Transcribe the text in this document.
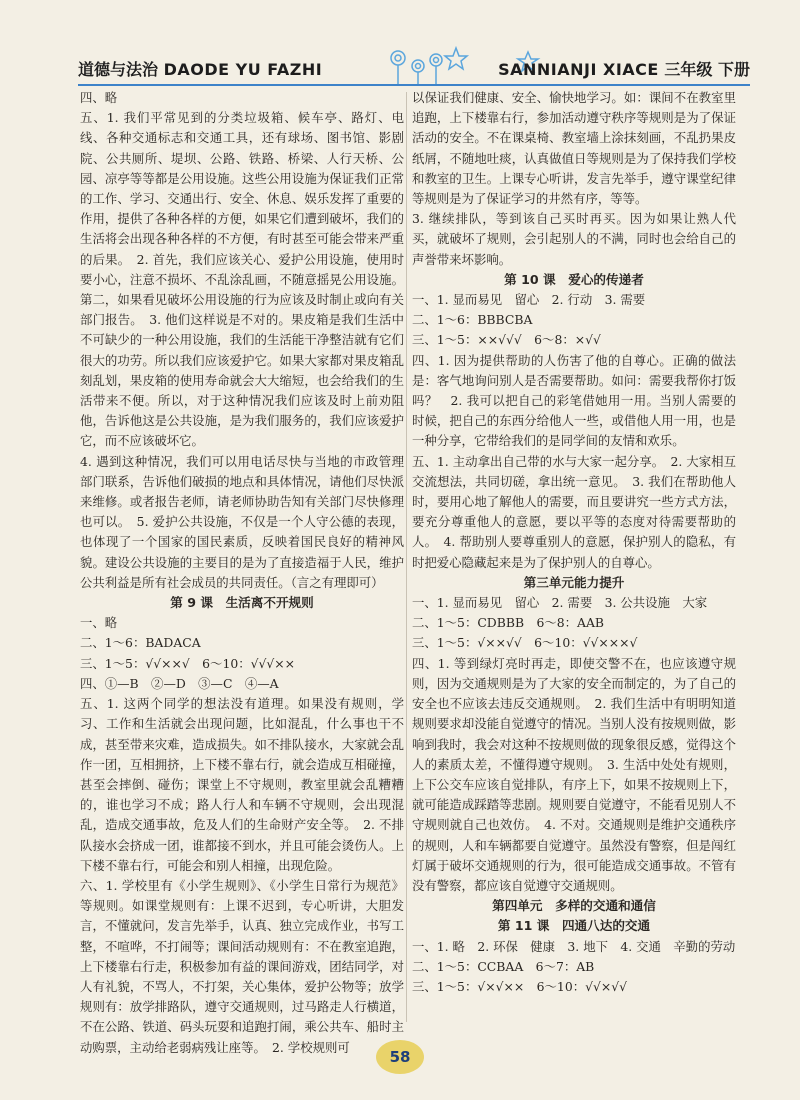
道德与法治 DAODE YU FAZHI	SANNIANJI XIACE 三年级 下册

四、略

五、1. 我们平常见到的分类垃圾箱、候车亭、路灯、电线、各种交通标志和交通工具，还有球场、图书馆、影剧院、公共厕所、堤坝、公路、铁路、桥梁、人行天桥、公园、凉亭等等都是公用设施。这些公用设施为保证我们正常的工作、学习、交通出行、安全、休息、娱乐发挥了重要的作用，提供了各种各样的方便，如果它们遭到破坏，我们的生活将会出现各种各样的不方便，有时甚至可能会带来严重的后果。　2. 首先，我们应该关心、爱护公用设施，使用时要小心，注意不损坏、不乱涂乱画，不随意摇晃公用设施。第二，如果看见破坏公用设施的行为应该及时制止或向有关部门报告。　3. 他们这样说是不对的。果皮箱是我们生活中不可缺少的一种公用设施，我们的生活能干净整洁就有它们很大的功劳。所以我们应该爱护它。如果大家都对果皮箱乱刻乱划，果皮箱的使用寿命就会大大缩短，也会给我们的生活带来不便。所以，对于这种情况我们应该及时上前劝阻他，告诉他这是公共设施，是为我们服务的，我们应该爱护它，而不应该破坏它。

4. 遇到这种情况，我们可以用电话尽快与当地的市政管理部门联系，告诉他们破损的地点和具体情况，请他们尽快派来维修。或者报告老师，请老师协助告知有关部门尽快修理也可以。　5. 爱护公共设施，不仅是一个人守公德的表现，也体现了一个国家的国民素质，反映着国民良好的精神风貌。建设公共设施的主要目的是为了直接造福于人民，维护公共利益是所有社会成员的共同责任。（言之有理即可）

第 9 课　生活离不开规则

一、略

二、1～6：BADACA

三、1～5：√√××√　6～10：√√√××

四、①—B　②—D　③—C　④—A

五、1. 这两个同学的想法没有道理。如果没有规则，学习、工作和生活就会出现问题，比如混乱，什么事也干不成，甚至带来灾难，造成损失。如不排队接水，大家就会乱作一团，互相拥挤，上下楼不靠右行，就会造成互相碰撞，甚至会摔倒、碰伤；课堂上不守规则，教室里就会乱糟糟的，谁也学习不成；路人行人和车辆不守规则，会出现混乱，造成交通事故，危及人们的生命财产安全等。　2. 不排队接水会挤成一团，谁都接不到水，并且可能会烫伤人。上下楼不靠右行，可能会和别人相撞，出现危险。

六、1. 学校里有《小学生规则》、《小学生日常行为规范》等规则。如课堂规则有：上课不迟到，专心听讲，大胆发言，不懂就问，发言先举手，认真、独立完成作业，书写工整，不喧哗，不打闹等；课间活动规则有：不在教室追跑，上下楼靠右行走，积极参加有益的课间游戏，团结同学，对人有礼貌，不骂人，不打架，关心集体，爱护公物等；放学规则有：放学排路队，遵守交通规则，过马路走人行横道，不在公路、铁道、码头玩耍和追跑打闹，乘公共车、船时主动购票，主动给老弱病残让座等。　2. 学校规则可

以保证我们健康、安全、愉快地学习。如：课间不在教室里追跑，上下楼靠右行，参加活动遵守秩序等规则是为了保证活动的安全。不在课桌椅、教室墙上涂抹刻画，不乱扔果皮纸屑，不随地吐痰，认真做值日等规则是为了保持我们学校和教室的卫生。上课专心听讲，发言先举手，遵守课堂纪律等规则是为了保证学习的井然有序，等等。

3. 继续排队，等到该自己买时再买。因为如果让熟人代买，就破坏了规则，会引起别人的不满，同时也会给自己的声誉带来坏影响。

第 10 课　爱心的传递者

一、1. 显而易见　留心　2. 行动　3. 需要

二、1～6：BBBCBA

三、1～5：××√√√　6～8：×√√

四、1. 因为提供帮助的人伤害了他的自尊心。正确的做法是：客气地询问别人是否需要帮助。如问：需要我帮你打饭吗？　2. 我可以把自己的彩笔借她用一用。当别人需要的时候，把自己的东西分给他人一些，或借他人用一用，也是一种分享，它带给我们的是同学间的友情和欢乐。

五、1. 主动拿出自己带的水与大家一起分享。　2. 大家相互交流想法，共同切磋，拿出统一意见。　3. 我们在帮助他人时，要用心地了解他人的需要，而且要讲究一些方式方法，要充分尊重他人的意愿，要以平等的态度对待需要帮助的人。　4. 帮助别人要尊重别人的意愿，保护别人的隐私，有时把爱心隐藏起来是为了保护别人的自尊心。

第三单元能力提升

一、1. 显而易见　留心　2. 需要　3. 公共设施　大家

二、1～5：CDBBB　6～8：AAB

三、1～5：√××√√　6～10：√√×××√

四、1. 等到绿灯亮时再走，即使交警不在，也应该遵守规则，因为交通规则是为了大家的安全而制定的，为了自己的安全也不应该去违反交通规则。　2. 我们生活中有明明知道规则要求却没能自觉遵守的情况。当别人没有按规则做，影响到我时，我会对这种不按规则做的现象很反感，觉得这个人的素质太差，不懂得遵守规则。　3. 生活中处处有规则，上下公交车应该自觉排队，有序上下，如果不按规则上下，就可能造成踩踏等悲剧。规则要自觉遵守，不能看见别人不守规则就自己也效仿。　4. 不对。交通规则是维护交通秩序的规则，人和车辆都要自觉遵守。虽然没有警察，但是闯红灯属于破坏交通规则的行为，很可能造成交通事故。不管有没有警察，都应该自觉遵守交通规则。

第四单元　多样的交通和通信

第 11 课　四通八达的交通

一、1. 略　2. 环保　健康　3. 地下　4. 交通　辛勤的劳动

二、1～5：CCBAA　6～7：AB

三、1～5：√×√××　6～10：√√×√√

58
